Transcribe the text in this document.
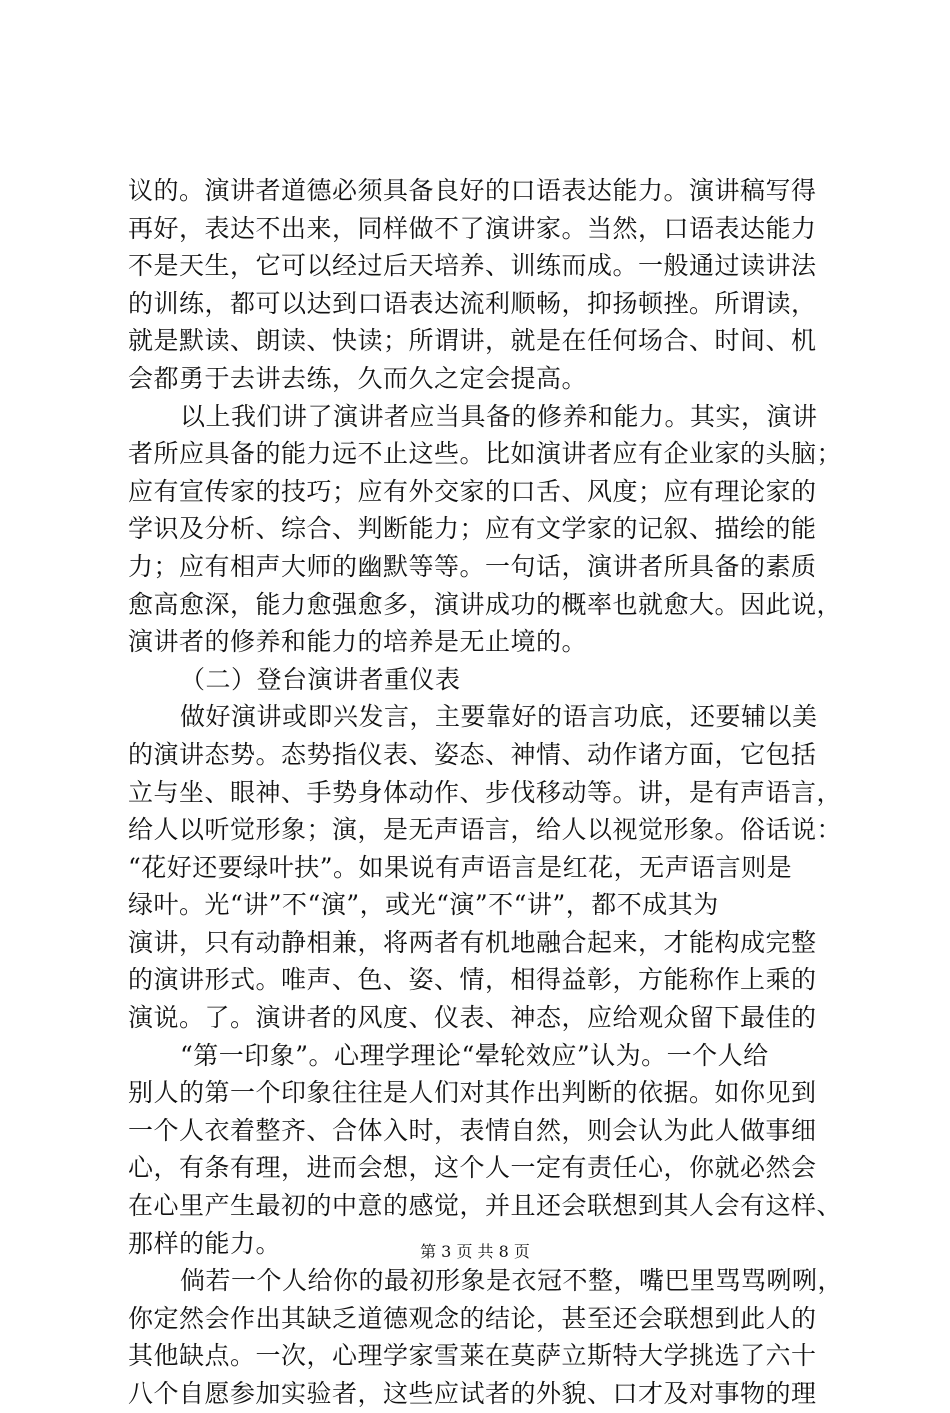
议的。演讲者道德必须具备良好的口语表达能力。演讲稿写得
再好，表达不出来，同样做不了演讲家。当然，口语表达能力
不是天生，它可以经过后天培养、训练而成。一般通过读讲法
的训练，都可以达到口语表达流利顺畅，抑扬顿挫。所谓读，
就是默读、朗读、快读；所谓讲，就是在任何场合、时间、机
会都勇于去讲去练，久而久之定会提高。
以上我们讲了演讲者应当具备的修养和能力。其实，演讲
者所应具备的能力远不止这些。比如演讲者应有企业家的头脑；
应有宣传家的技巧；应有外交家的口舌、风度；应有理论家的
学识及分析、综合、判断能力；应有文学家的记叙、描绘的能
力；应有相声大师的幽默等等。一句话，演讲者所具备的素质
愈高愈深，能力愈强愈多，演讲成功的概率也就愈大。因此说，
演讲者的修养和能力的培养是无止境的。
（二）登台演讲者重仪表
做好演讲或即兴发言，主要靠好的语言功底，还要辅以美
的演讲态势。态势指仪表、姿态、神情、动作诸方面，它包括
立与坐、眼神、手势身体动作、步伐移动等。讲，是有声语言，
给人以听觉形象；演，是无声语言，给人以视觉形象。俗话说：
“花好还要绿叶扶”。如果说有声语言是红花，无声语言则是
绿叶。光“讲”不“演”，或光“演”不“讲”，都不成其为
演讲，只有动静相兼，将两者有机地融合起来，才能构成完整
的演讲形式。唯声、色、姿、情，相得益彰，方能称作上乘的
演说。了。演讲者的风度、仪表、神态，应给观众留下最佳的
“第一印象”。心理学理论“晕轮效应”认为。一个人给
别人的第一个印象往往是人们对其作出判断的依据。如你见到
一个人衣着整齐、合体入时，表情自然，则会认为此人做事细
心，有条有理，进而会想，这个人一定有责任心，你就必然会
在心里产生最初的中意的感觉，并且还会联想到其人会有这样、
那样的能力。
倘若一个人给你的最初形象是衣冠不整，嘴巴里骂骂咧咧，
你定然会作出其缺乏道德观念的结论，甚至还会联想到此人的
其他缺点。一次，心理学家雪莱在莫萨立斯特大学挑选了六十
八个自愿参加实验者，这些应试者的外貌、口才及对事物的理
第 3 页 共 8 页
